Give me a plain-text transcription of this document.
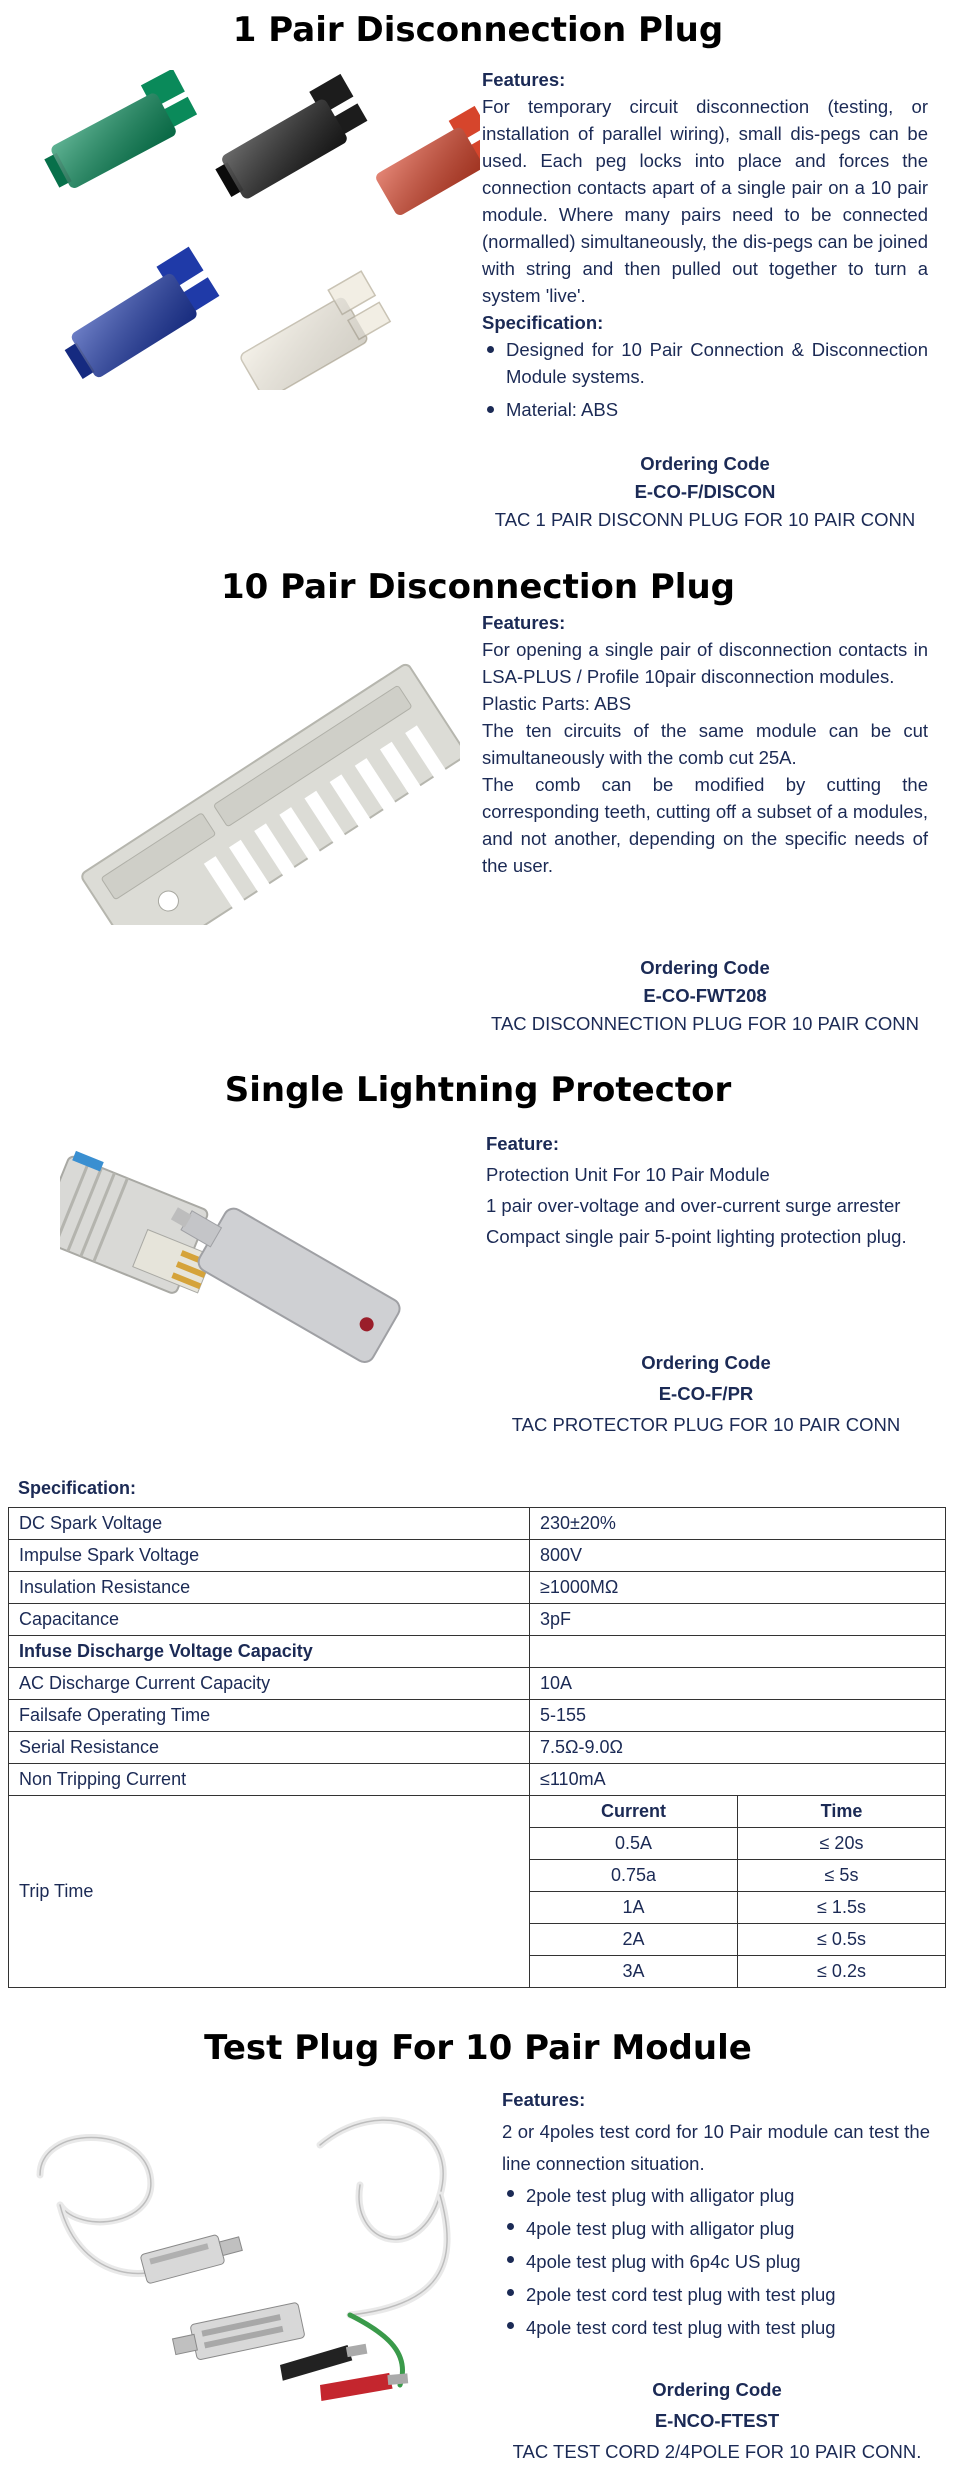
1 Pair Disconnection Plug

Features:

For temporary circuit disconnection (testing, or installation of parallel wiring), small dis-pegs can be used. Each peg locks into place and forces the connection contacts apart of a single pair on a 10 pair module. Where many pairs need to be connected (normalled) simultaneously, the dis-pegs can be joined with string and then pulled out together to turn a system 'live'.

Specification:

Designed for 10 Pair Connection & Disconnection Module systems.
Material: ABS
Ordering Code
E-CO-F/DISCON
TAC 1 PAIR DISCONN PLUG FOR 10 PAIR CONN
10 Pair Disconnection Plug

Features:

For opening a single pair of disconnection contacts in LSA-PLUS / Profile 10pair disconnection modules.

Plastic Parts: ABS

The ten circuits of the same module can be cut simultaneously with the comb cut 25A.

The comb can be modified by cutting the corresponding teeth, cutting off a subset of a modules, and not another, depending on the specific needs of the user.

Ordering Code
E-CO-FWT208
TAC DISCONNECTION PLUG FOR 10 PAIR CONN
Single Lightning Protector

Feature:

Protection Unit For 10 Pair Module

1 pair over-voltage and over-current surge arrester

Compact single pair 5-point lighting protection plug.

Ordering Code
E-CO-F/PR
TAC PROTECTOR PLUG FOR 10 PAIR CONN
Specification:
DC Spark Voltage	230±20%
Impulse Spark Voltage	800V
Insulation Resistance	≥1000MΩ
Capacitance	3pF
Infuse Discharge Voltage Capacity	
AC Discharge Current Capacity	10A
Failsafe Operating Time	5-155
Serial Resistance	7.5Ω-9.0Ω
Non Tripping Current	≤110mA
Trip Time	
Current	Time
0.5A	≤ 20s
0.75a	≤ 5s
1A	≤ 1.5s
2A	≤ 0.5s
3A	≤ 0.2s
Test Plug For 10 Pair Module

Features:

2 or 4poles test cord for 10 Pair module can test the line connection situation.

2pole test plug with alligator plug
4pole test plug with alligator plug
4pole test plug with 6p4c US plug
2pole test cord test plug with test plug
4pole test cord test plug with test plug
Ordering Code
E-NCO-FTEST
TAC TEST CORD 2/4POLE FOR 10 PAIR CONN.
